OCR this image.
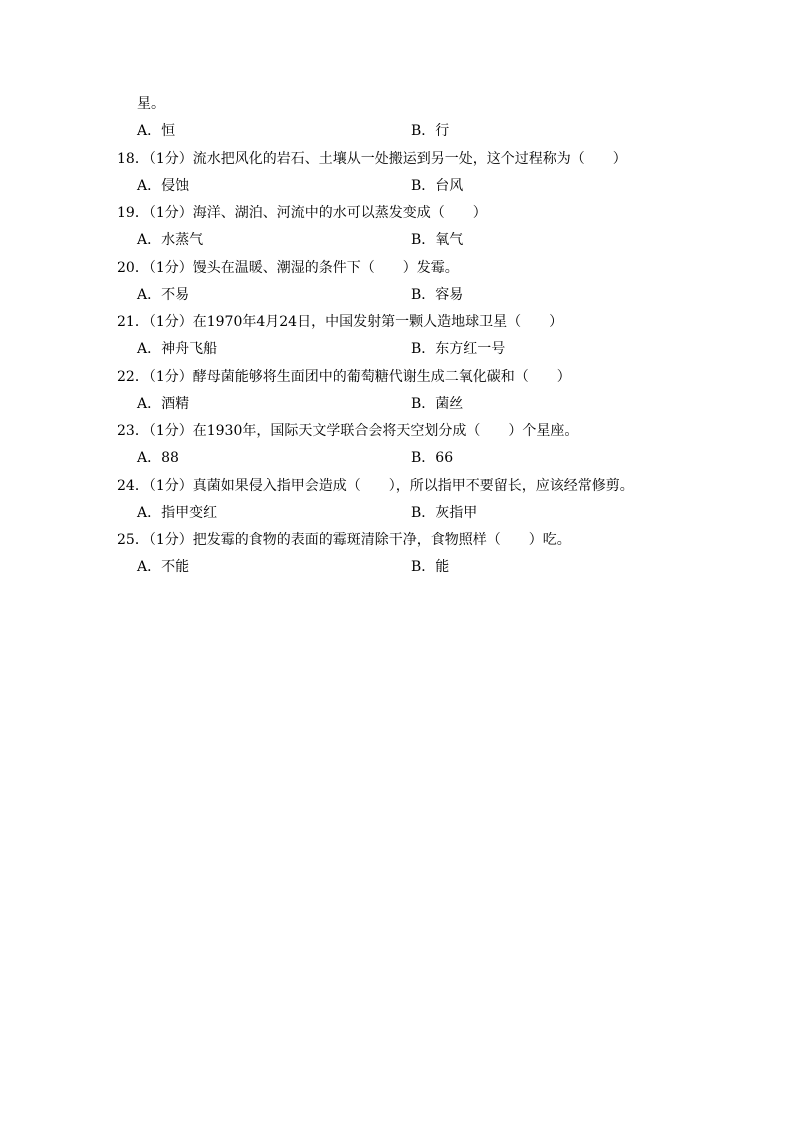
星。
A．恒	B．行
18．（1分）流水把风化的岩石、土壤从一处搬运到另一处，这个过程称为（　　）
A．侵蚀	B．台风
19．（1分）海洋、湖泊、河流中的水可以蒸发变成（　　）
A．水蒸气	B．氧气
20．（1分）馒头在温暖、潮湿的条件下（　　）发霉。
A．不易	B．容易
21．（1分）在1970年4月24日，中国发射第一颗人造地球卫星（　　）
A．神舟飞船	B．东方红一号
22．（1分）酵母菌能够将生面团中的葡萄糖代谢生成二氧化碳和（　　）
A．酒精	B．菌丝
23．（1分）在1930年，国际天文学联合会将天空划分成（　　）个星座。
A．88	B．66
24．（1分）真菌如果侵入指甲会造成（　　），所以指甲不要留长，应该经常修剪。
A．指甲变红	B．灰指甲
25．（1分）把发霉的食物的表面的霉斑清除干净，食物照样（　　）吃。
A．不能	B．能
